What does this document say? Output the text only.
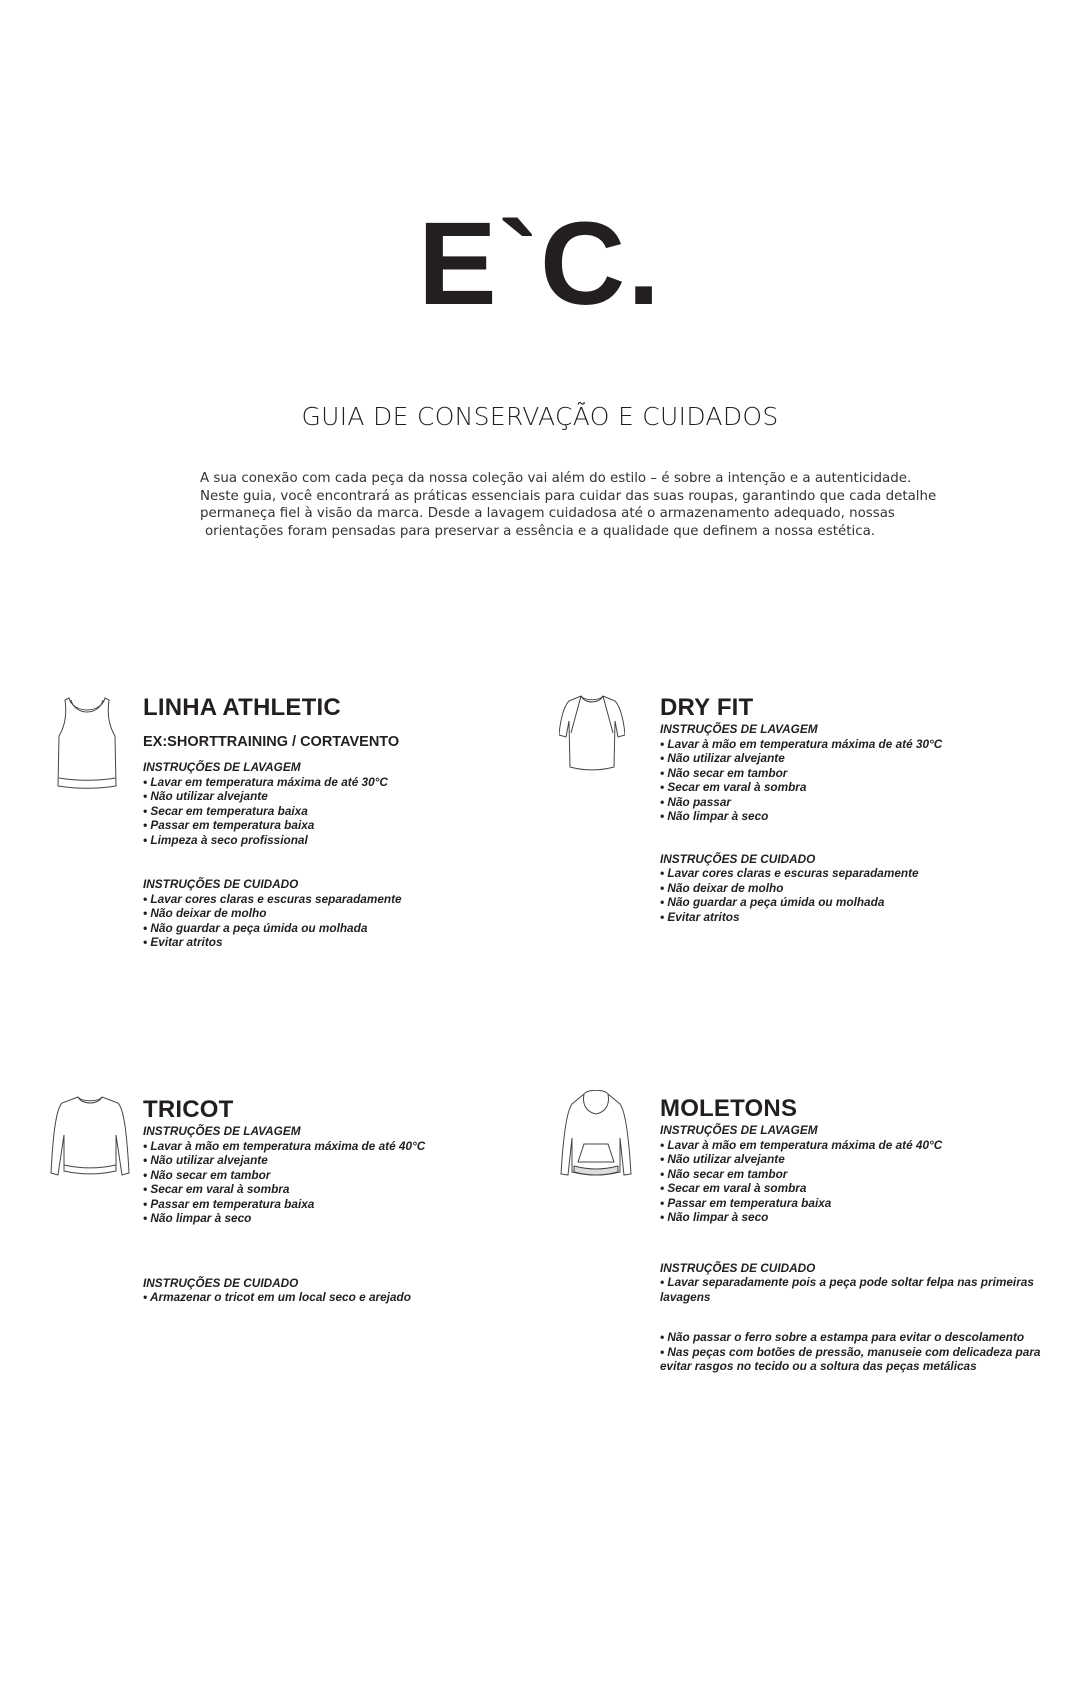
E`C.
GUIA DE CONSERVAÇÃO E CUIDADOS
A sua conexão com cada peça da nossa coleção vai além do estilo – é sobre a intenção e a autenticidade.
Neste guia, você encontrará as práticas essenciais para cuidar das suas roupas, garantindo que cada detalhe
permaneça fiel à visão da marca. Desde a lavagem cuidadosa até o armazenamento adequado, nossas
orientações foram pensadas para preservar a essência e a qualidade que definem a nossa estética.
LINHA ATHLETIC
EX:SHORTTRAINING / CORTAVENTO
INSTRUÇÕES DE LAVAGEM
• Lavar em temperatura máxima de até 30°C
• Não utilizar alvejante
• Secar em temperatura baixa
• Passar em temperatura baixa
• Limpeza à seco profissional
INSTRUÇÕES DE CUIDADO
• Lavar cores claras e escuras separadamente
• Não deixar de molho
• Não guardar a peça úmida ou molhada
• Evitar atritos
DRY FIT
INSTRUÇÕES DE LAVAGEM
• Lavar à mão em temperatura máxima de até 30°C
• Não utilizar alvejante
• Não secar em tambor
• Secar em varal à sombra
• Não passar
• Não limpar à seco
INSTRUÇÕES DE CUIDADO
• Lavar cores claras e escuras separadamente
• Não deixar de molho
• Não guardar a peça úmida ou molhada
• Evitar atritos
TRICOT
INSTRUÇÕES DE LAVAGEM
• Lavar à mão em temperatura máxima de até 40°C
• Não utilizar alvejante
• Não secar em tambor
• Secar em varal à sombra
• Passar em temperatura baixa
• Não limpar à seco
INSTRUÇÕES DE CUIDADO
• Armazenar o tricot em um local seco e arejado
MOLETONS
INSTRUÇÕES DE LAVAGEM
• Lavar à mão em temperatura máxima de até 40°C
• Não utilizar alvejante
• Não secar em tambor
• Secar em varal à sombra
• Passar em temperatura baixa
• Não limpar à seco
INSTRUÇÕES DE CUIDADO
• Lavar separadamente pois a peça pode soltar felpa nas primeiras lavagens
• Não passar o ferro sobre a estampa para evitar o descolamento
• Nas peças com botões de pressão, manuseie com delicadeza para evitar rasgos no tecido ou a soltura das peças metálicas
